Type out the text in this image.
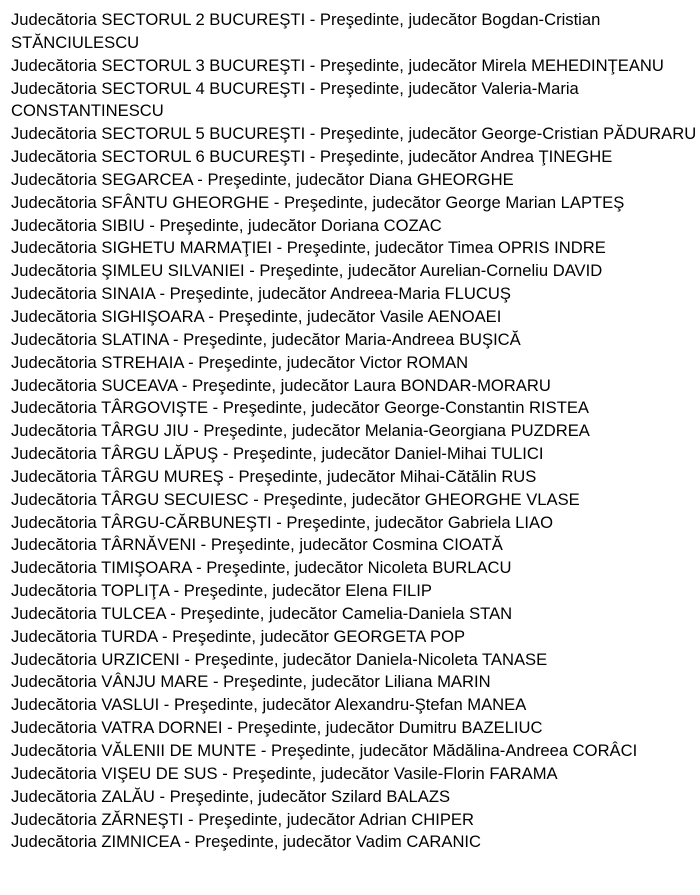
Judecătoria SECTORUL 2 BUCUREŞTI - Preşedinte, judecător Bogdan-Cristian STĂNCIULESCU
Judecătoria SECTORUL 3 BUCUREŞTI - Preşedinte, judecător Mirela MEHEDINŢEANU
Judecătoria SECTORUL 4 BUCUREŞTI - Preşedinte, judecător Valeria-Maria CONSTANTINESCU
Judecătoria SECTORUL 5 BUCUREŞTI - Preşedinte, judecător George-Cristian PĂDURARU
Judecătoria SECTORUL 6 BUCUREŞTI - Preşedinte, judecător Andrea ŢINEGHE
Judecătoria SEGARCEA - Preşedinte, judecător Diana GHEORGHE
Judecătoria SFÂNTU GHEORGHE - Preşedinte, judecător George Marian LAPTEŞ
Judecătoria SIBIU - Preşedinte, judecător Doriana COZAC
Judecătoria SIGHETU MARMAŢIEI - Preşedinte, judecător Timea OPRIS INDRE
Judecătoria ŞIMLEU SILVANIEI - Preşedinte, judecător Aurelian-Corneliu DAVID
Judecătoria SINAIA - Preşedinte, judecător Andreea-Maria FLUCUŞ
Judecătoria SIGHIŞOARA - Preşedinte, judecător Vasile AENOAEI
Judecătoria SLATINA - Preşedinte, judecător Maria-Andreea BUŞICĂ
Judecătoria STREHAIA - Preşedinte, judecător Victor ROMAN
Judecătoria SUCEAVA - Preşedinte, judecător Laura BONDAR-MORARU
Judecătoria TÂRGOVIŞTE - Preşedinte, judecător George-Constantin RISTEA
Judecătoria TÂRGU JIU - Preşedinte, judecător Melania-Georgiana PUZDREA
Judecătoria TÂRGU LĂPUŞ - Preşedinte, judecător Daniel-Mihai TULICI
Judecătoria TÂRGU MUREŞ - Preşedinte, judecător Mihai-Cătălin RUS
Judecătoria TÂRGU SECUIESC - Preşedinte, judecător GHEORGHE VLASE
Judecătoria TÂRGU-CĂRBUNEŞTI - Preşedinte, judecător Gabriela LIAO
Judecătoria TÂRNĂVENI - Preşedinte, judecător Cosmina CIOATĂ
Judecătoria TIMIŞOARA - Preşedinte, judecător Nicoleta BURLACU
Judecătoria TOPLIŢA - Preşedinte, judecător Elena FILIP
Judecătoria TULCEA - Preşedinte, judecător Camelia-Daniela STAN
Judecătoria TURDA - Preşedinte, judecător GEORGETA POP
Judecătoria URZICENI - Preşedinte, judecător Daniela-Nicoleta TANASE
Judecătoria VÂNJU MARE - Preşedinte, judecător Liliana MARIN
Judecătoria VASLUI - Preşedinte, judecător Alexandru-Ştefan MANEA
Judecătoria VATRA DORNEI - Preşedinte, judecător Dumitru BAZELIUC
Judecătoria VĂLENII DE MUNTE - Preşedinte, judecător Mădălina-Andreea CORÂCI
Judecătoria VIŞEU DE SUS - Preşedinte, judecător Vasile-Florin FARAMA
Judecătoria ZALĂU - Preşedinte, judecător Szilard BALAZS
Judecătoria ZĂRNEŞTI - Preşedinte, judecător Adrian CHIPER
Judecătoria ZIMNICEA - Preşedinte, judecător Vadim CARANIC
